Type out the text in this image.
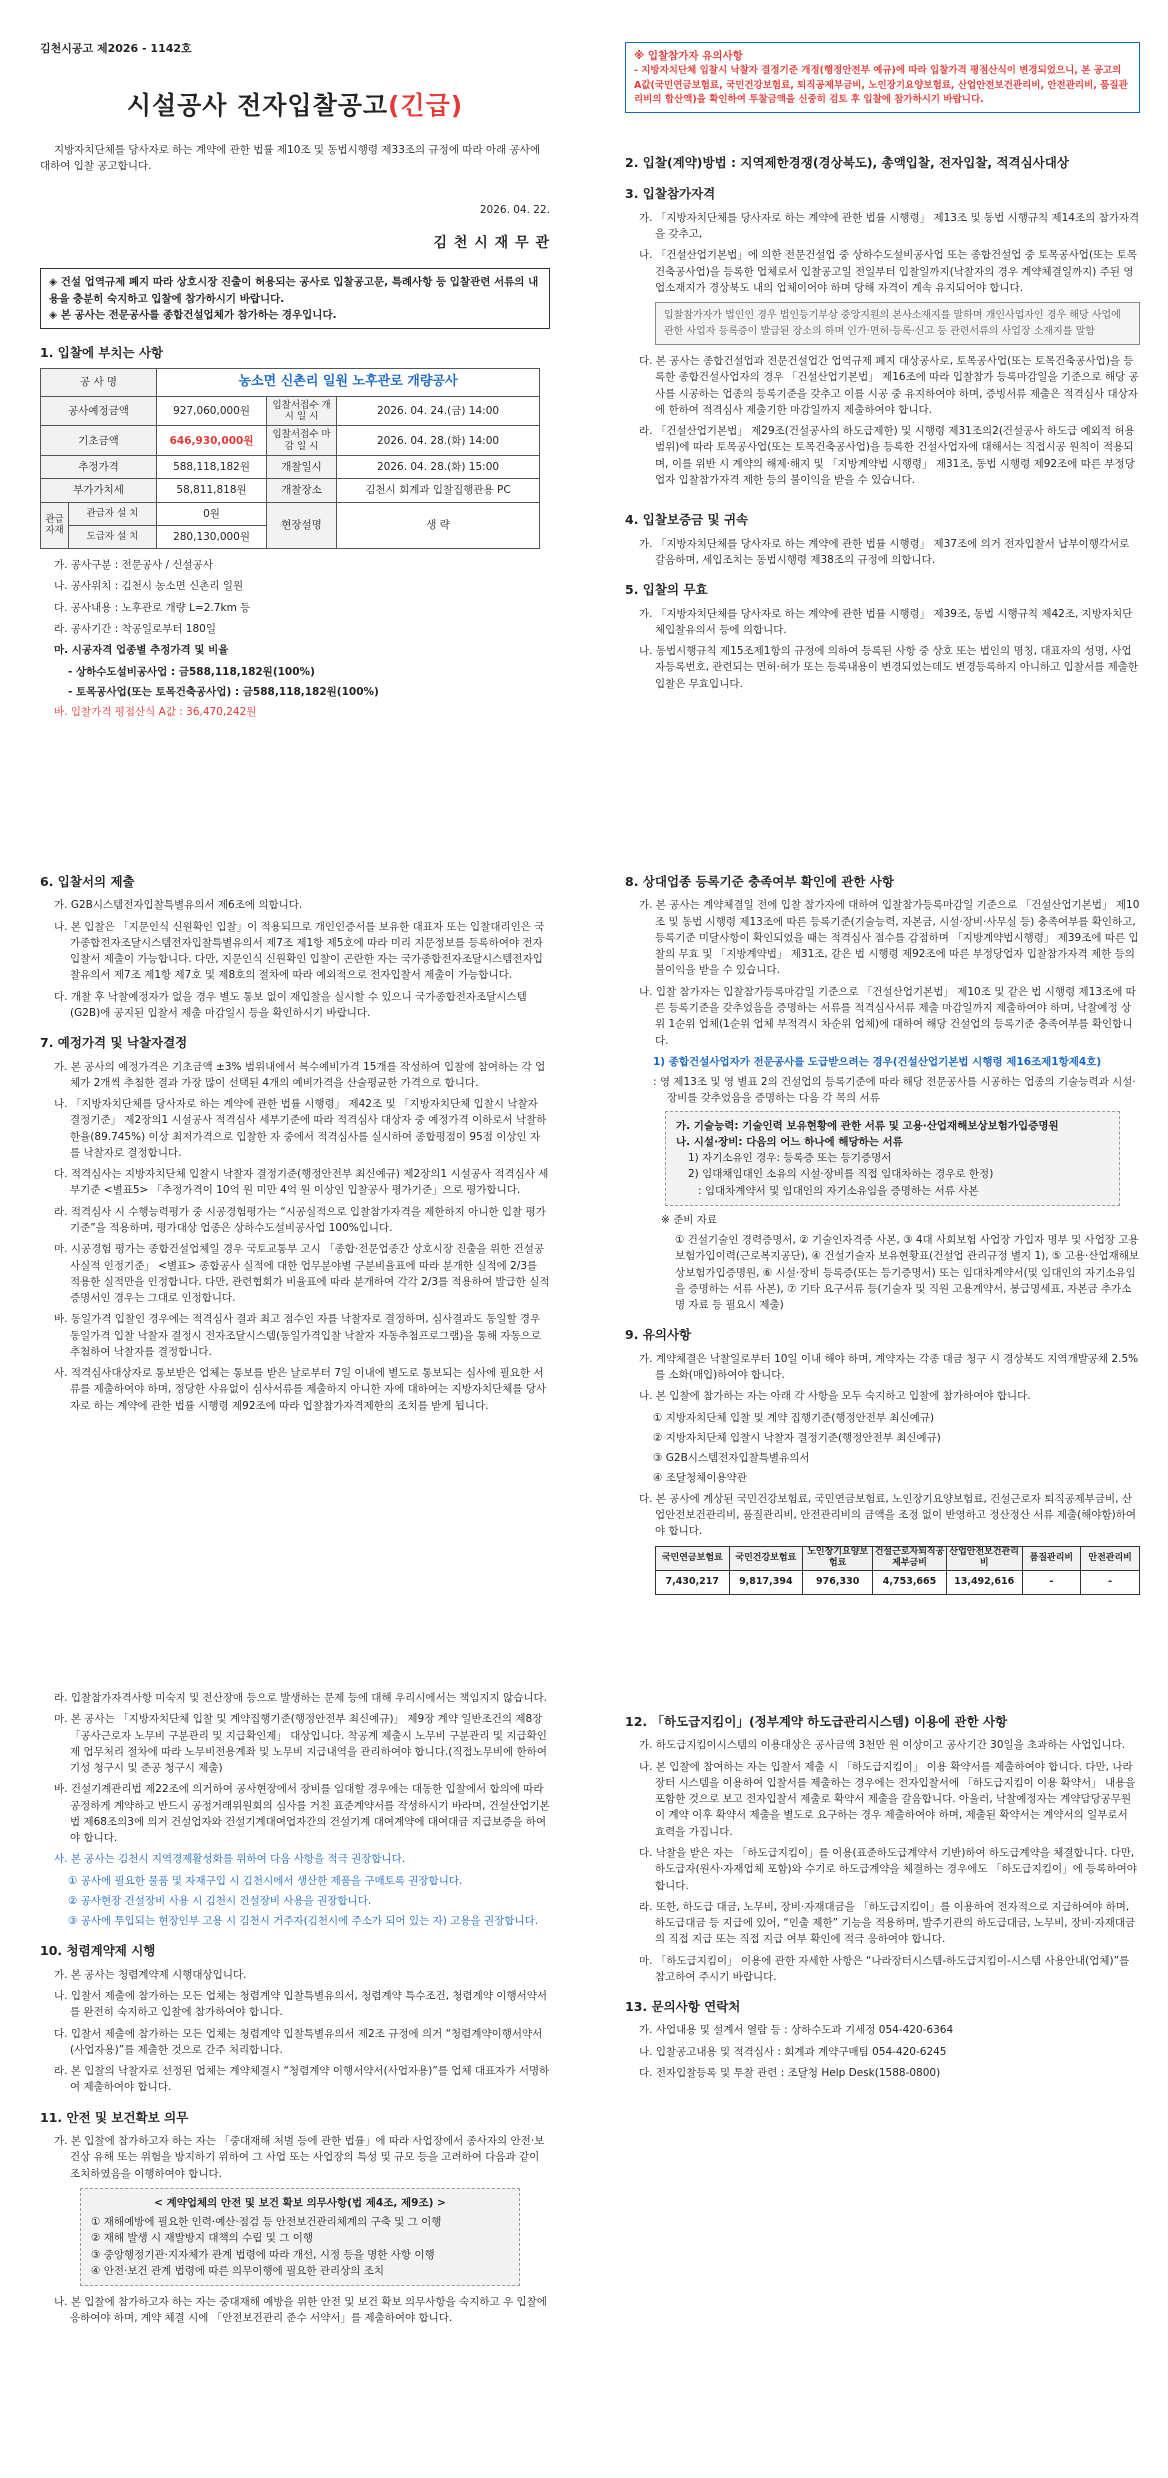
김천시공고 제2026 - 1142호
시설공사 전자입찰공고(긴급)

지방자치단체를 당사자로 하는 계약에 관한 법률 제10조 및 동법시행령 제33조의 규정에 따라 아래 공사에 대하여 입찰 공고합니다.

2026. 04. 22.
김 천 시 재 무 관
◈ 건설 업역규제 폐지 따라 상호시장 진출이 허용되는 공사로 입찰공고문, 특례사항 등 입찰관련 서류의 내용을 충분히 숙지하고 입찰에 참가하시기 바랍니다.
◈ 본 공사는 전문공사를 종합건설업체가 참가하는 경우입니다.
1. 입찰에 부치는 사항
공 사 명		농소면 신촌리 일원 노후관로 개량공사		
공사예정금액		927,060,000원	입찰서접수 개 시 일 시	2026. 04. 24.(금) 14:00
기초금액		646,930,000원	입찰서접수 마 감 일 시	2026. 04. 28.(화) 14:00
추정가격		588,118,182원	개찰일시	2026. 04. 28.(화) 15:00
부가가치세		58,811,818원	개찰장소	김천시 회계과 입찰집행관용 PC
관급 자재	관급자 설 치	0원	현장설명	생 략
	도급자 설 치	280,130,000원		

가. 공사구분 : 전문공사 / 신설공사

나. 공사위치 : 김천시 농소면 신촌리 일원

다. 공사내용 : 노후관로 개량 L=2.7km 등

라. 공사기간 : 착공일로부터 180일

마. 시공자격 업종별 추정가격 및 비율

- 상하수도설비공사업 : 금588,118,182원(100%)

- 토목공사업(또는 토목건축공사업) : 금588,118,182원(100%)

바. 입찰가격 평점산식 A값 : 36,470,242원

※ 입찰참가자 유의사항
- 지방자치단체 입찰시 낙찰자 결정기준 개정(행정안전부 예규)에 따라 입찰가격 평점산식이 변경되었으니, 본 공고의 A값(국민연금보험료, 국민건강보험료, 퇴직공제부금비, 노인장기요양보험료, 산업안전보건관리비, 안전관리비, 품질관리비의 합산액)을 확인하여 투찰금액을 신중히 검토 후 입찰에 참가하시기 바랍니다.
2. 입찰(계약)방법 : 지역제한경쟁(경상북도), 총액입찰, 전자입찰, 적격심사대상
3. 입찰참가자격

가. 「지방자치단체를 당사자로 하는 계약에 관한 법률 시행령」 제13조 및 동법 시행규칙 제14조의 참가자격을 갖추고,

나. 「건설산업기본법」에 의한 전문건설업 중 상하수도설비공사업 또는 종합건설업 중 토목공사업(또는 토목건축공사업)을 등록한 업체로서 입찰공고일 전일부터 입찰일까지(낙찰자의 경우 계약체결일까지) 주된 영업소재지가 경상북도 내의 업체이어야 하며 당해 자격이 계속 유지되어야 합니다.

입찰참가자가 법인인 경우 법인등기부상 중앙지원의 본사소재지를 말하며 개인사업자인 경우 해당 사업에 관한 사업자 등록증이 발급된 장소의 하며 인가·면허·등록·신고 등 관련서류의 사업장 소재지를 말함

다. 본 공사는 종합건설업과 전문건설업간 업역규제 폐지 대상공사로, 토목공사업(또는 토목건축공사업)을 등록한 종합건설사업자의 경우 「건설산업기본법」 제16조에 따라 입찰참가 등록마감일을 기준으로 해당 공사를 시공하는 업종의 등록기준을 갖추고 이를 시공 중 유지하여야 하며, 증빙서류 제출은 적격심사 대상자에 한하여 적격심사 제출기한 마감일까지 제출하여야 합니다.

라. 「건설산업기본법」 제29조(건설공사의 하도급제한) 및 시행령 제31조의2(건설공사 하도급 예외적 허용 범위)에 따라 토목공사업(또는 토목건축공사업)을 등록한 건설사업자에 대해서는 직접시공 원칙이 적용되며, 이를 위반 시 계약의 해제·해지 및 「지방계약법 시행령」 제31조, 동법 시행령 제92조에 따른 부정당업자 입찰참가자격 제한 등의 불이익을 받을 수 있습니다.

4. 입찰보증금 및 귀속

가. 「지방자치단체를 당사자로 하는 계약에 관한 법률 시행령」 제37조에 의거 전자입찰서 납부이행각서로 갈음하며, 세입조치는 동법시행령 제38조의 규정에 의합니다.

5. 입찰의 무효

가. 「지방자치단체를 당사자로 하는 계약에 관한 법률 시행령」 제39조, 동법 시행규칙 제42조, 지방자치단체입찰유의서 등에 의합니다.

나. 동법시행규칙 제15조제1항의 규정에 의하여 등록된 사항 중 상호 또는 법인의 명칭, 대표자의 성명, 사업자등록번호, 관련되는 면허·허가 또는 등록내용이 변경되었는데도 변경등록하지 아니하고 입찰서를 제출한 입찰은 무효입니다.

6. 입찰서의 제출

가. G2B시스템전자입찰특별유의서 제6조에 의합니다.

나. 본 입찰은 「지문인식 신원확인 입찰」이 적용되므로 개인인증서를 보유한 대표자 또는 입찰대리인은 국가종합전자조달시스템전자입찰특별유의서 제7조 제1항 제5호에 따라 미리 지문정보를 등록하여야 전자입찰서 제출이 가능합니다. 다만, 지문인식 신원확인 입찰이 곤란한 자는 국가종합전자조달시스템전자입찰유의서 제7조 제1항 제7호 및 제8호의 절차에 따라 예외적으로 전자입찰서 제출이 가능합니다.

다. 개찰 후 낙찰예정자가 없을 경우 별도 통보 없이 재입찰을 실시할 수 있으니 국가종합전자조달시스템(G2B)에 공지된 입찰서 제출 마감일시 등을 확인하시기 바랍니다.

7. 예정가격 및 낙찰자결정

가. 본 공사의 예정가격은 기초금액 ±3% 범위내에서 복수예비가격 15개를 작성하여 입찰에 참여하는 각 업체가 2개씩 추첨한 결과 가장 많이 선택된 4개의 예비가격을 산술평균한 가격으로 합니다.

나. 「지방자치단체를 당사자로 하는 계약에 관한 법률 시행령」 제42조 및 「지방자치단체 입찰시 낙찰자 결정기준」 제2장의1 시설공사 적격심사 세부기준에 따라 적격심사 대상자 중 예정가격 이하로서 낙찰하한율(89.745%) 이상 최저가격으로 입찰한 자 중에서 적격심사를 실시하여 종합평점이 95점 이상인 자를 낙찰자로 결정합니다.

다. 적격심사는 지방자치단체 입찰시 낙찰자 결정기준(행정안전부 최신예규) 제2장의1 시설공사 적격심사 세부기준 <별표5> 「추정가격이 10억 원 미만 4억 원 이상인 입찰공사 평가기준」으로 평가합니다.

라. 적격심사 시 수행능력평가 중 시공경험평가는 “시공실적으로 입찰참가자격을 제한하지 아니한 입찰 평가기준”을 적용하며, 평가대상 업종은 상하수도설비공사업 100%입니다.

마. 시공경험 평가는 종합건설업체일 경우 국토교통부 고시 「종합·전문업종간 상호시장 진출을 위한 건설공사실적 인정기준」 <별표> 종합공사 실적에 대한 업무분야별 구분비율표에 따라 분개한 실적에 2/3를 적용한 실적만을 인정합니다. 다만, 관련협회가 비율표에 따라 분개하여 각각 2/3를 적용하여 발급한 실적증명서인 경우는 그대로 인정합니다.

바. 동일가격 입찰인 경우에는 적격심사 결과 최고 점수인 자를 낙찰자로 결정하며, 심사결과도 동일할 경우 동일가격 입찰 낙찰자 결정시 전자조달시스템(동일가격입찰 낙찰자 자동추첨프로그램)을 통해 자동으로 추첨하여 낙찰자를 결정합니다.

사. 적격심사대상자로 통보받은 업체는 통보를 받은 날로부터 7일 이내에 별도로 통보되는 심사에 필요한 서류를 제출하여야 하며, 정당한 사유없이 심사서류를 제출하지 아니한 자에 대하여는 지방자치단체를 당사자로 하는 계약에 관한 법률 시행령 제92조에 따라 입찰참가자격제한의 조치를 받게 됩니다.

8. 상대업종 등록기준 충족여부 확인에 관한 사항

가. 본 공사는 계약체결일 전에 입찰 참가자에 대하여 입찰참가등록마감일 기준으로 「건설산업기본법」 제10조 및 동법 시행령 제13조에 따른 등록기준(기술능력, 자본금, 시설·장비·사무실 등) 충족여부를 확인하고, 등록기준 미달사항이 확인되었을 때는 적격심사 점수를 감점하며 「지방계약법시행령」 제39조에 따른 입찰의 무효 및 「지방계약법」 제31조, 같은 법 시행령 제92조에 따른 부정당업자 입찰참가자격 제한 등의 불이익을 받을 수 있습니다.

나. 입찰 참가자는 입찰참가등록마감일 기준으로 「건설산업기본법」 제10조 및 같은 법 시행령 제13조에 따른 등록기준을 갖추었음을 증명하는 서류를 적격심사서류 제출 마감일까지 제출하여야 하며, 낙찰예정 상위 1순위 업체(1순위 업체 부적격시 차순위 업체)에 대하여 해당 건설업의 등록기준 충족여부를 확인합니다.

1) 종합건설사업자가 전문공사를 도급받으려는 경우(건설산업기본법 시행령 제16조제1항제4호)

: 영 제13조 및 영 별표 2의 건설업의 등록기준에 따라 해당 전문공사를 시공하는 업종의 기술능력과 시설·장비를 갖추었음을 증명하는 다음 각 목의 서류

가. 기술능력: 기술인력 보유현황에 관한 서류 및 고용·산업재해보상보험가입증명원
나. 시설·장비: 다음의 어느 하나에 해당하는 서류
1) 자기소유인 경우: 등록증 또는 등기증명서
2) 임대채임대인 소유의 시설·장비를 직접 임대차하는 경우로 한정)
: 임대차계약서 및 임대인의 자기소유임을 증명하는 서류 사본

※ 준비 자료

① 건설기술인 경력증명서, ② 기술인자격증 사본, ③ 4대 사회보험 사업장 가입자 명부 및 사업장 고용보험가입이력(근로복지공단), ④ 건설기술자 보유현황표(건설업 관리규정 별지 1), ⑤ 고용·산업재해보상보험가입증명원, ⑥ 시설·장비 등록증(또는 등기증명서) 또는 임대차계약서(및 임대인의 자기소유임을 증명하는 서류 사본), ⑦ 기타 요구서류 등(기술자 및 직원 고용계약서, 봉급명세표, 자본금 추가소명 자료 등 필요시 제출)

9. 유의사항

가. 계약체결은 낙찰일로부터 10일 이내 해야 하며, 계약자는 각종 대금 청구 시 경상북도 지역개발공채 2.5%를 소화(매입)하여야 합니다.

나. 본 입찰에 참가하는 자는 아래 각 사항을 모두 숙지하고 입찰에 참가하여야 합니다.

① 지방자치단체 입찰 및 계약 집행기준(행정안전부 최신예규)

② 지방자치단체 입찰시 낙찰자 결정기준(행정안전부 최신예규)

③ G2B시스템전자입찰특별유의서

④ 조달청체이용약관

다. 본 공사에 계상된 국민건강보험료, 국민연금보험료, 노인장기요양보험료, 건설근로자 퇴직공제부금비, 산업안전보건관리비, 품질관리비, 안전관리비의 금액을 조정 없이 반영하고 정산정산 서류 제출(해야함)하여야 합니다.

국민연금보험료	국민건강보험료	노인장기요양보험료	건설근로자퇴직공제부금비	산업안전보건관리비	품질관리비	안전관리비
7,430,217	9,817,394	976,330	4,753,665	13,492,616	-	-

라. 입찰참가자격사항 미숙지 및 전산장애 등으로 발생하는 문제 등에 대해 우리시에서는 책임지지 않습니다.

마. 본 공사는 「지방자치단체 입찰 및 계약집행기준(행정안전부 최신예규)」 제9장 계약 일반조건의 제8장 「공사근로자 노무비 구분관리 및 지급확인제」 대상입니다. 착공계 제출시 노무비 구분관리 및 지급확인제 업무처리 절차에 따라 노무비전용계좌 및 노무비 지급내역을 관리하여야 합니다.(직접노무비에 한하여 기성 청구시 및 준공 청구시 제출)

바. 건설기계관리법 제22조에 의거하여 공사현장에서 장비를 임대할 경우에는 대동한 입찰에서 합의에 따라 공정하게 계약하고 반드시 공정거래위원회의 심사를 거친 표준계약서를 작성하시기 바라며, 건설산업기본법 제68조의3에 의거 건설업자와 건설기계대여업자간의 건설기계 대여계약에 대여대금 지급보증을 하여야 합니다.

사. 본 공사는 김천시 지역경제활성화를 위하여 다음 사항을 적극 권장합니다.

① 공사에 필요한 물품 및 자재구입 시 김천시에서 생산한 제품을 구매토록 권장합니다.

② 공사현장 건설장비 사용 시 김천시 건설장비 사용을 권장합니다.

③ 공사에 투입되는 현장인부 고용 시 김천시 거주자(김천시에 주소가 되어 있는 자) 고용을 권장합니다.

10. 청렴계약제 시행

가. 본 공사는 청렴계약제 시행대상입니다.

나. 입찰서 제출에 참가하는 모든 업체는 청렴계약 입찰특별유의서, 청렴계약 특수조건, 청렴계약 이행서약서를 완전히 숙지하고 입찰에 참가하여야 합니다.

다. 입찰서 제출에 참가하는 모든 업체는 청렴계약 입찰특별유의서 제2조 규정에 의거 “청렴계약이행서약서(사업자용)”를 제출한 것으로 간주 처리합니다.

라. 본 입찰의 낙찰자로 선정된 업체는 계약체결시 “청렴계약 이행서약서(사업자용)”를 업체 대표자가 서명하여 제출하여야 합니다.

11. 안전 및 보건확보 의무

가. 본 입찰에 참가하고자 하는 자는 「중대재해 처벌 등에 관한 법률」에 따라 사업장에서 종사자의 안전·보건상 유해 또는 위험을 방지하기 위하여 그 사업 또는 사업장의 특성 및 규모 등을 고려하여 다음과 같이 조치하였음을 이행하여야 합니다.

< 계약업체의 안전 및 보건 확보 의무사항(법 제4조, 제9조) >
① 재해예방에 필요한 인력·예산·점검 등 안전보건관리체계의 구축 및 그 이행
② 재해 발생 시 재발방지 대책의 수립 및 그 이행
③ 중앙행정기관·지자체가 관계 법령에 따라 개선, 시정 등을 명한 사항 이행
④ 안전·보건 관계 법령에 따른 의무이행에 필요한 관리상의 조치

나. 본 입찰에 참가하고자 하는 자는 중대재해 예방을 위한 안전 및 보건 확보 의무사항을 숙지하고 우 입찰에 응하여야 하며, 계약 체결 시에 「안전보건관리 준수 서약서」를 제출하여야 합니다.

12. 「하도급지킴이」(정부계약 하도급관리시스템) 이용에 관한 사항

가. 하도급지킴이시스템의 이용대상은 공사금액 3천만 원 이상이고 공사기간 30일을 초과하는 사업입니다.

나. 본 입찰에 참여하는 자는 입찰서 제출 시 「하도급지킴이」 이용 확약서를 제출하여야 합니다. 다만, 나라장터 시스템을 이용하여 입찰서를 제출하는 경우에는 전자입찰서에 「하도급지킴이 이용 확약서」 내용을 포함한 것으로 보고 전자입찰서 제출로 확약서 제출을 갈음합니다. 아울러, 낙찰예정자는 계약담당공무원이 계약 이후 확약서 제출을 별도로 요구하는 경우 제출하여야 하며, 제출된 확약서는 계약서의 일부로서 효력을 가집니다.

다. 낙찰을 받은 자는 「하도급지킴이」를 이용(표준하도급계약서 기반)하여 하도급계약을 체결합니다. 다만, 하도급자(원사·자재업체 포함)와 수기로 하도급계약을 체결하는 경우에도 「하도급지킴이」에 등록하여야 합니다.

라. 또한, 하도급 대금, 노무비, 장비·자재대금을 「하도급지킴이」를 이용하여 전자적으로 지급하여야 하며, 하도급대금 등 지급에 있어, “인출 제한” 기능을 적용하며, 발주기관의 하도급대금, 노무비, 장비·자재대금의 직접 지급 또는 직접 지급 여부 확인에 적극 응하여야 합니다.

마. 「하도급지킴이」 이용에 관한 자세한 사항은 “나라장터시스템-하도급지킴이-시스템 사용안내(업체)”를 참고하여 주시기 바랍니다.

13. 문의사항 연락처

가. 사업내용 및 설계서 열람 등 : 상하수도과 기세정 054-420-6364

나. 입찰공고내용 및 적격심사 : 회계과 계약구매팀 054-420-6245

다. 전자입찰등록 및 투찰 관련 : 조달청 Help Desk(1588-0800)
